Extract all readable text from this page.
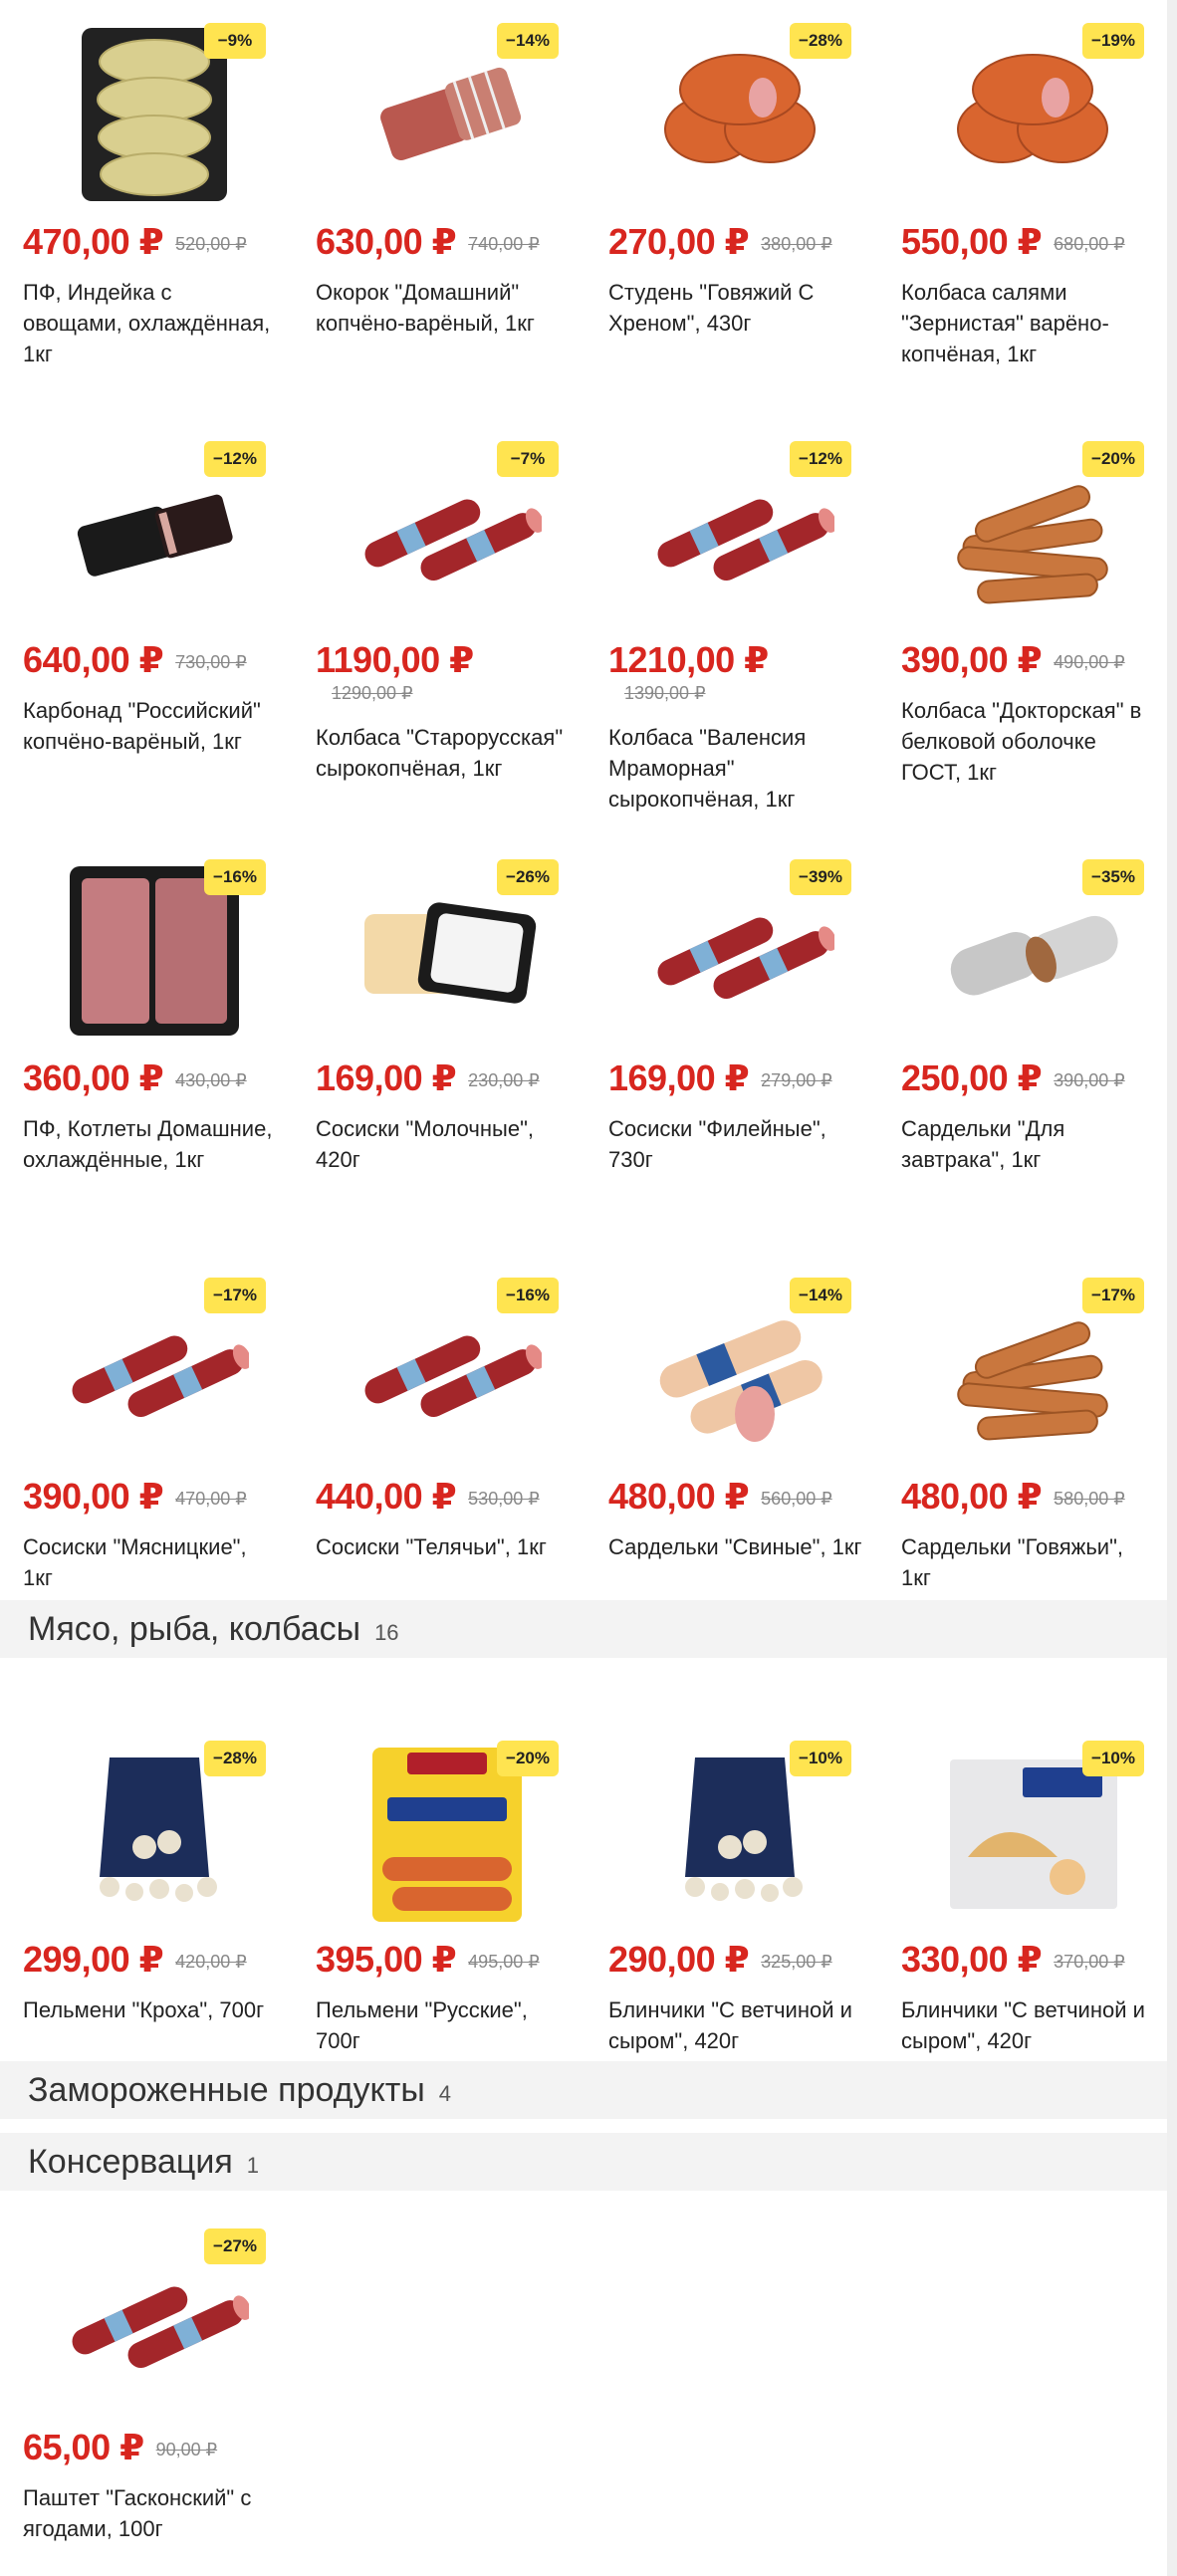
−9%
470,00 ₽ 520,00 ₽
ПФ, Индейка с овощами, охлаждённая, 1кг
−14%
630,00 ₽ 740,00 ₽
Окорок "Домашний" копчёно-варёный, 1кг
−28%
270,00 ₽ 380,00 ₽
Студень "Говяжий С Хреном", 430г
−19%
550,00 ₽ 680,00 ₽
Колбаса салями "Зернистая" варёно-копчёная, 1кг
−12%
640,00 ₽ 730,00 ₽
Карбонад "Российский" копчёно-варёный, 1кг
−7%
1190,00 ₽
1290,00 ₽
Колбаса "Старорусская" сырокопчёная, 1кг
−12%
1210,00 ₽
1390,00 ₽
Колбаса "Валенсия Мраморная" сырокопчёная, 1кг
−20%
390,00 ₽ 490,00 ₽
Колбаса "Докторская" в белковой оболочке ГОСТ, 1кг
−16%
360,00 ₽ 430,00 ₽
ПФ, Котлеты Домашние, охлаждённые, 1кг
−26%
169,00 ₽ 230,00 ₽
Сосиски "Молочные", 420г
−39%
169,00 ₽ 279,00 ₽
Сосиски "Филейные", 730г
−35%
250,00 ₽ 390,00 ₽
Сардельки "Для завтрака", 1кг
−17%
390,00 ₽ 470,00 ₽
Сосиски "Мясницкие", 1кг
−16%
440,00 ₽ 530,00 ₽
Сосиски "Телячьи", 1кг
−14%
480,00 ₽ 560,00 ₽
Сардельки "Свиные", 1кг
−17%
480,00 ₽ 580,00 ₽
Сардельки "Говяжьи", 1кг
Мясо, рыба, колбасы 16
−28%
299,00 ₽ 420,00 ₽
Пельмени "Кроха", 700г
−20%
395,00 ₽ 495,00 ₽
Пельмени "Русские", 700г
−10%
290,00 ₽ 325,00 ₽
Блинчики "С ветчиной и сыром", 420г
−10%
330,00 ₽ 370,00 ₽
Блинчики "С ветчиной и сыром", 420г
Замороженные продукты 4
Консервация 1
−27%
65,00 ₽ 90,00 ₽
Паштет "Гасконский" с ягодами, 100г
